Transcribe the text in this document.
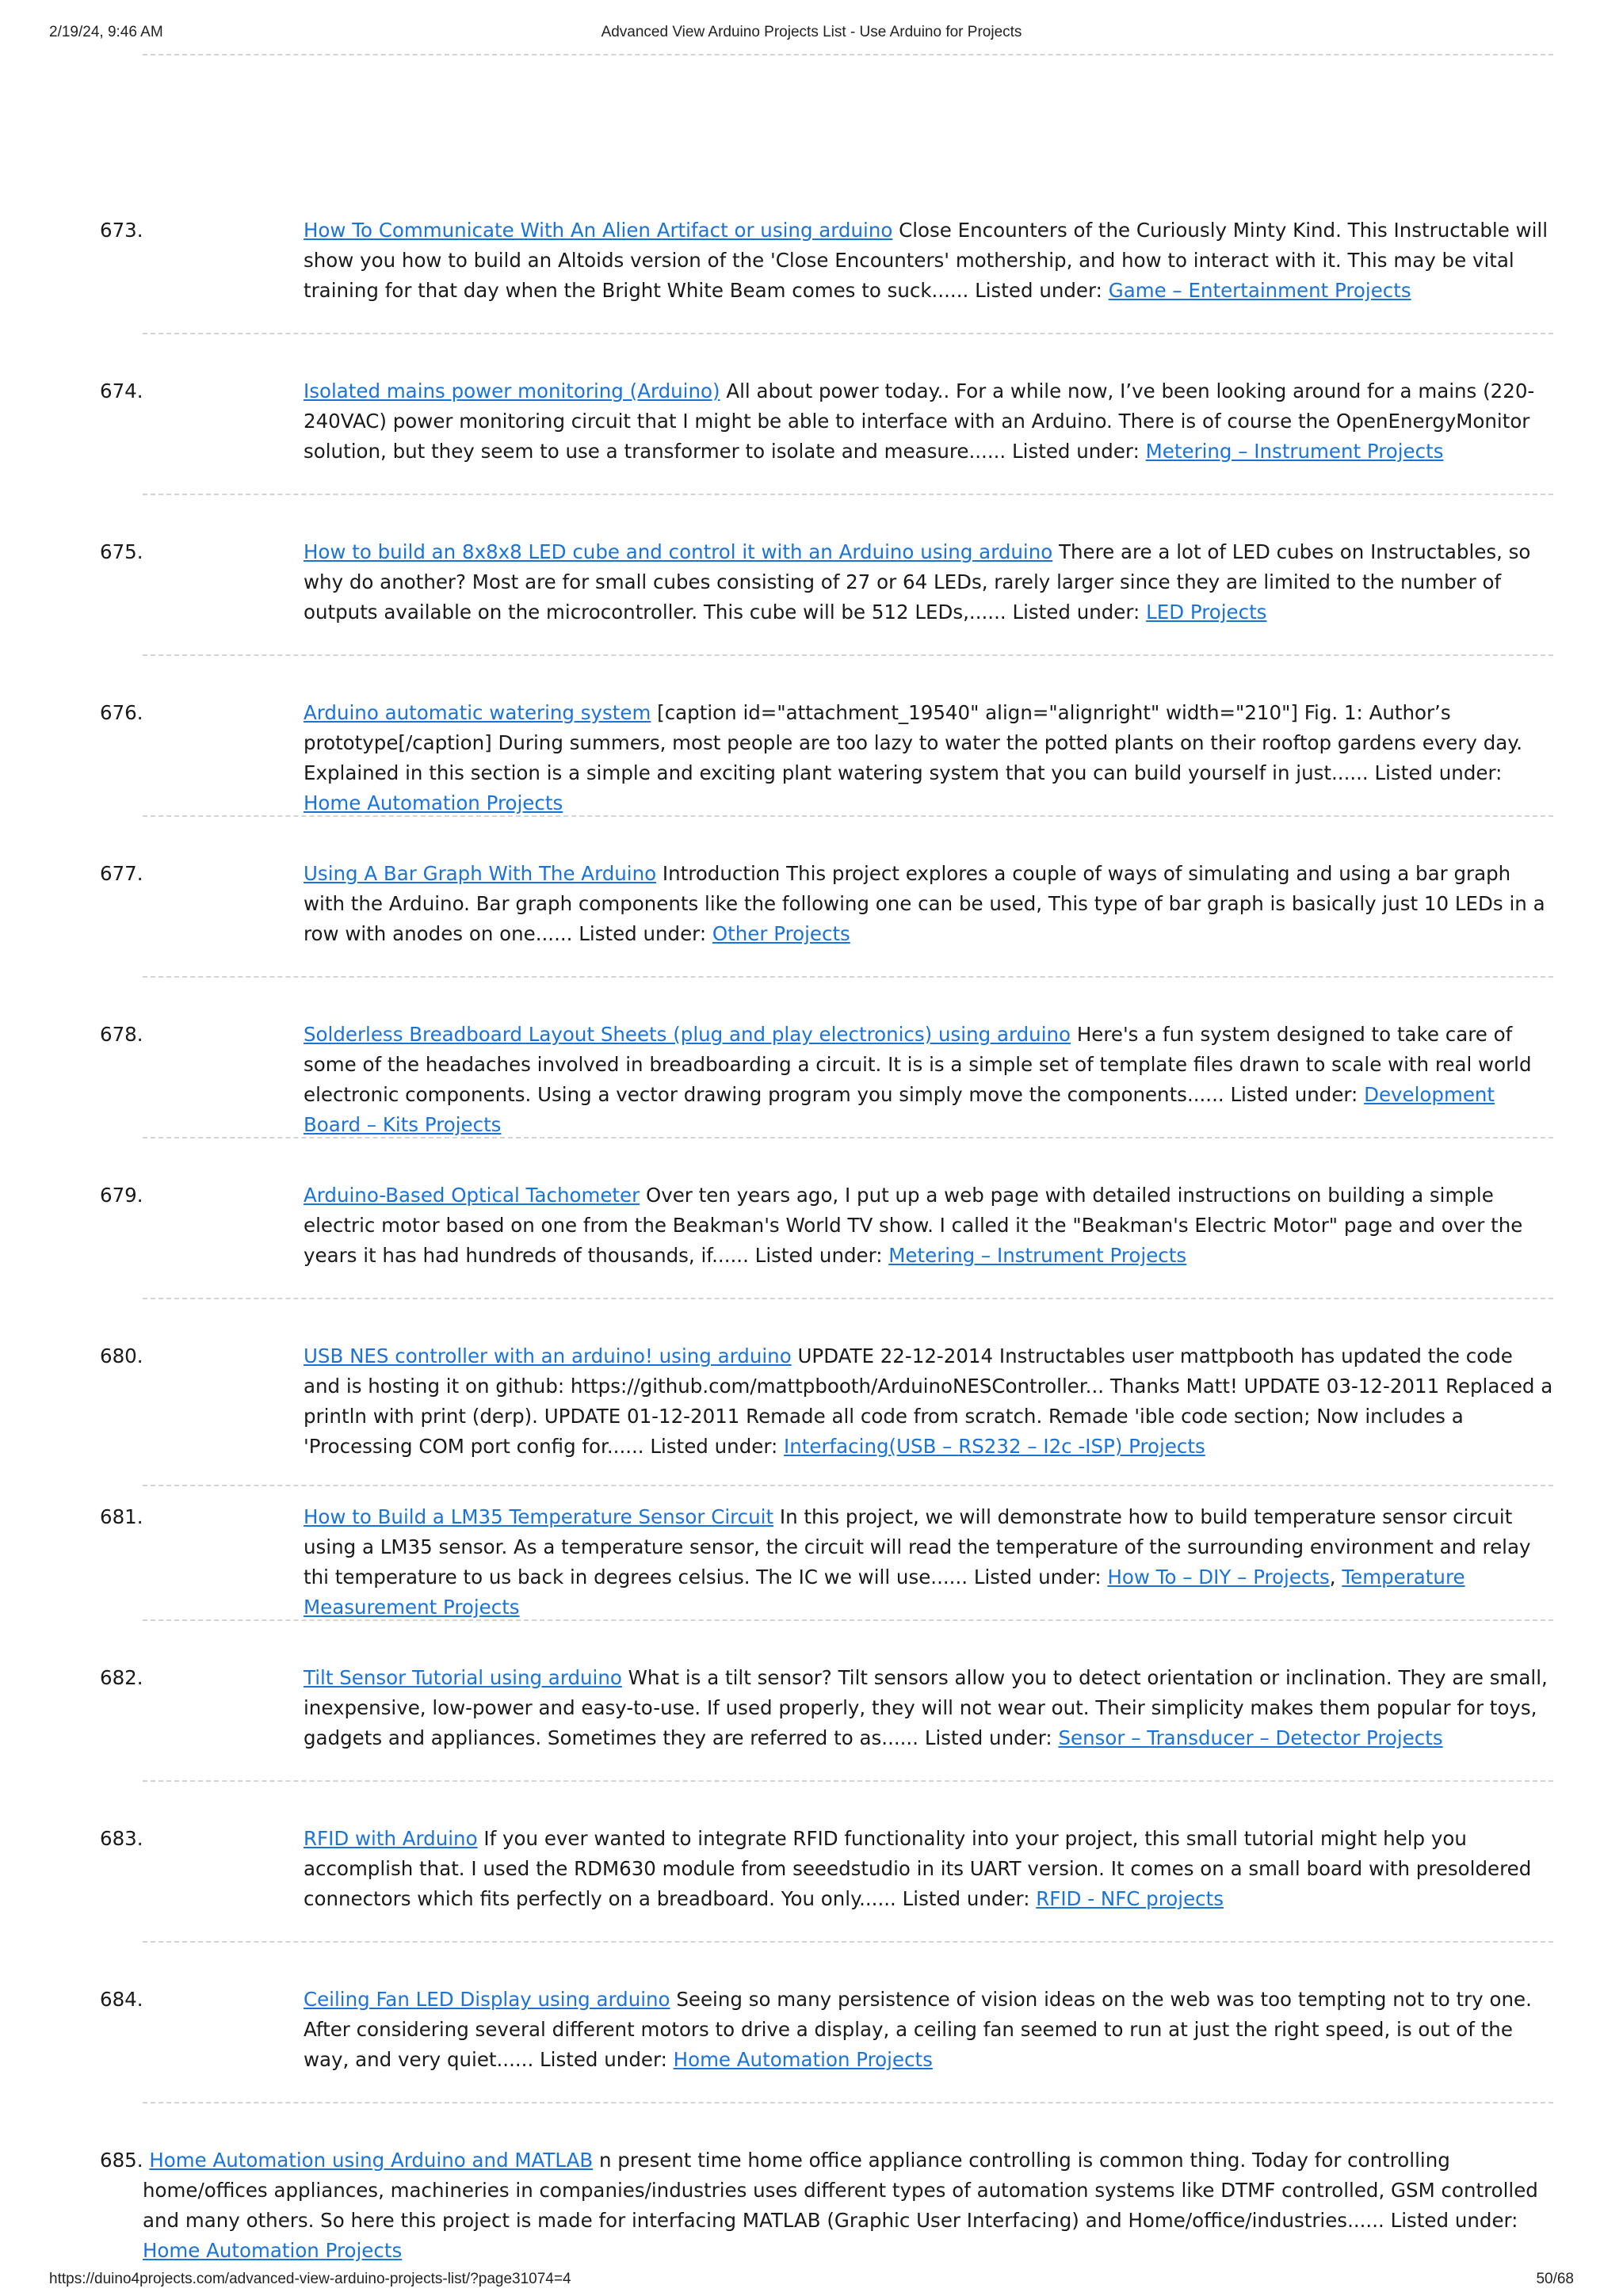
2/19/24, 9:46 AM	Advanced View Arduino Projects List - Use Arduino for Projects
673.	How To Communicate With An Alien Artifact or using arduino Close Encounters of the Curiously Minty Kind. This Instructable will show you how to build an Altoids version of the 'Close Encounters' mothership, and how to interact with it. This may be vital training for that day when the Bright White Beam comes to suck...... Listed under: Game – Entertainment Projects
674.	Isolated mains power monitoring (Arduino) All about power today.. For a while now, I’ve been looking around for a mains (220-240VAC) power monitoring circuit that I might be able to interface with an Arduino. There is of course the OpenEnergyMonitor solution, but they seem to use a transformer to isolate and measure...... Listed under: Metering – Instrument Projects
675.	How to build an 8x8x8 LED cube and control it with an Arduino using arduino There are a lot of LED cubes on Instructables, so why do another? Most are for small cubes consisting of 27 or 64 LEDs, rarely larger since they are limited to the number of outputs available on the microcontroller. This cube will be 512 LEDs,...... Listed under: LED Projects
676.	Arduino automatic watering system [caption id="attachment_19540" align="alignright" width="210"] Fig. 1: Author’s prototype[/caption] During summers, most people are too lazy to water the potted plants on their rooftop gardens every day. Explained in this section is a simple and exciting plant watering system that you can build yourself in just...... Listed under: Home Automation Projects
677.	Using A Bar Graph With The Arduino Introduction This project explores a couple of ways of simulating and using a bar graph with the Arduino. Bar graph components like the following one can be used, This type of bar graph is basically just 10 LEDs in a row with anodes on one...... Listed under: Other Projects
678.	Solderless Breadboard Layout Sheets (plug and play electronics) using arduino Here's a fun system designed to take care of some of the headaches involved in breadboarding a circuit. It is is a simple set of template files drawn to scale with real world electronic components. Using a vector drawing program you simply move the components...... Listed under: Development Board – Kits Projects
679.	Arduino-Based Optical Tachometer Over ten years ago, I put up a web page with detailed instructions on building a simple electric motor based on one from the Beakman's World TV show. I called it the "Beakman's Electric Motor" page and over the years it has had hundreds of thousands, if...... Listed under: Metering – Instrument Projects
680.	USB NES controller with an arduino! using arduino UPDATE 22-12-2014 Instructables user mattpbooth has updated the code and is hosting it on github: https://github.com/mattpbooth/ArduinoNESController... Thanks Matt! UPDATE 03-12-2011 Replaced a println with print (derp). UPDATE 01-12-2011 Remade all code from scratch. Remade 'ible code section; Now includes a 'Processing COM port config for...... Listed under: Interfacing(USB – RS232 – I2c -ISP) Projects
681.	How to Build a LM35 Temperature Sensor Circuit In this project, we will demonstrate how to build temperature sensor circuit using a LM35 sensor. As a temperature sensor, the circuit will read the temperature of the surrounding environment and relay thi temperature to us back in degrees celsius. The IC we will use...... Listed under: How To – DIY – Projects, Temperature Measurement Projects
682.	Tilt Sensor Tutorial using arduino What is a tilt sensor? Tilt sensors allow you to detect orientation or inclination. They are small, inexpensive, low-power and easy-to-use. If used properly, they will not wear out. Their simplicity makes them popular for toys, gadgets and appliances. Sometimes they are referred to as...... Listed under: Sensor – Transducer – Detector Projects
683.	RFID with Arduino If you ever wanted to integrate RFID functionality into your project, this small tutorial might help you accomplish that. I used the RDM630 module from seeedstudio in its UART version. It comes on a small board with presoldered connectors which fits perfectly on a breadboard. You only...... Listed under: RFID - NFC projects
684.	Ceiling Fan LED Display using arduino Seeing so many persistence of vision ideas on the web was too tempting not to try one. After considering several different motors to drive a display, a ceiling fan seemed to run at just the right speed, is out of the way, and very quiet...... Listed under: Home Automation Projects
685. Home Automation using Arduino and MATLAB n present time home office appliance controlling is common thing. Today for controlling home/offices appliances, machineries in companies/industries uses different types of automation systems like DTMF controlled, GSM controlled and many others. So here this project is made for interfacing MATLAB (Graphic User Interfacing) and Home/office/industries...... Listed under: Home Automation Projects
https://duino4projects.com/advanced-view-arduino-projects-list/?page31074=4	50/68
